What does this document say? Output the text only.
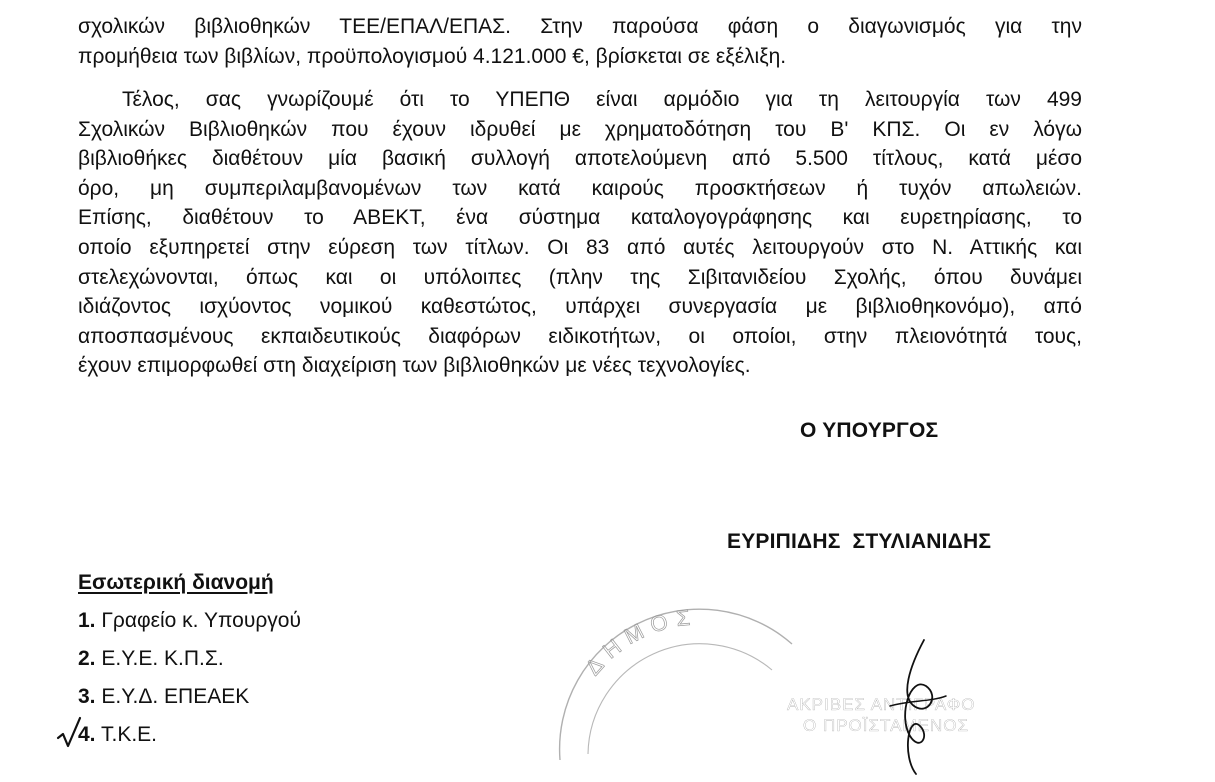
σχολικών βιβλιοθηκών ΤΕΕ/ΕΠΑΛ/ΕΠΑΣ. Στην παρούσα φάση ο διαγωνισμός για την
προμήθεια των βιβλίων, προϋπολογισμού 4.121.000 €, βρίσκεται σε εξέλιξη.
Τέλος, σας γνωρίζουμέ ότι το ΥΠΕΠΘ είναι αρμόδιο για τη λειτουργία των 499
Σχολικών Βιβλιοθηκών που έχουν ιδρυθεί με χρηματοδότηση του Β' ΚΠΣ. Οι εν λόγω
βιβλιοθήκες διαθέτουν μία βασική συλλογή αποτελούμενη από 5.500 τίτλους, κατά μέσο
όρο, μη συμπεριλαμβανομένων των κατά καιρούς προσκτήσεων ή τυχόν απωλειών.
Επίσης, διαθέτουν το ΑΒΕΚΤ, ένα σύστημα καταλογογράφησης και ευρετηρίασης, το
οποίο εξυπηρετεί στην εύρεση των τίτλων. Οι 83 από αυτές λειτουργούν στο Ν. Αττικής και
στελεχώνονται, όπως και οι υπόλοιπες (πλην της Σιβιτανιδείου Σχολής, όπου δυνάμει
ιδιάζοντος ισχύοντος νομικού καθεστώτος, υπάρχει συνεργασία με βιβλιοθηκονόμο), από
αποσπασμένους εκπαιδευτικούς διαφόρων ειδικοτήτων, οι οποίοι, στην πλειονότητά τους,
έχουν επιμορφωθεί στη διαχείριση των βιβλιοθηκών με νέες τεχνολογίες.
Ο ΥΠΟΥΡΓΟΣ
ΕΥΡΙΠΙΔΗΣ ΣΤΥΛΙΑΝΙΔΗΣ
Εσωτερική διανομή
1. Γραφείο κ. Υπουργού
2. Ε.Υ.Ε. Κ.Π.Σ.
3. Ε.Υ.Δ. ΕΠΕΑΕΚ
4. Τ.Κ.Ε.
ΔΗΜΟΣ
ΑΚΡΙΒΕΣ ΑΝΤΙΓΡΑΦΟ
Ο ΠΡΟΪΣΤΑΜΕΝΟΣ
